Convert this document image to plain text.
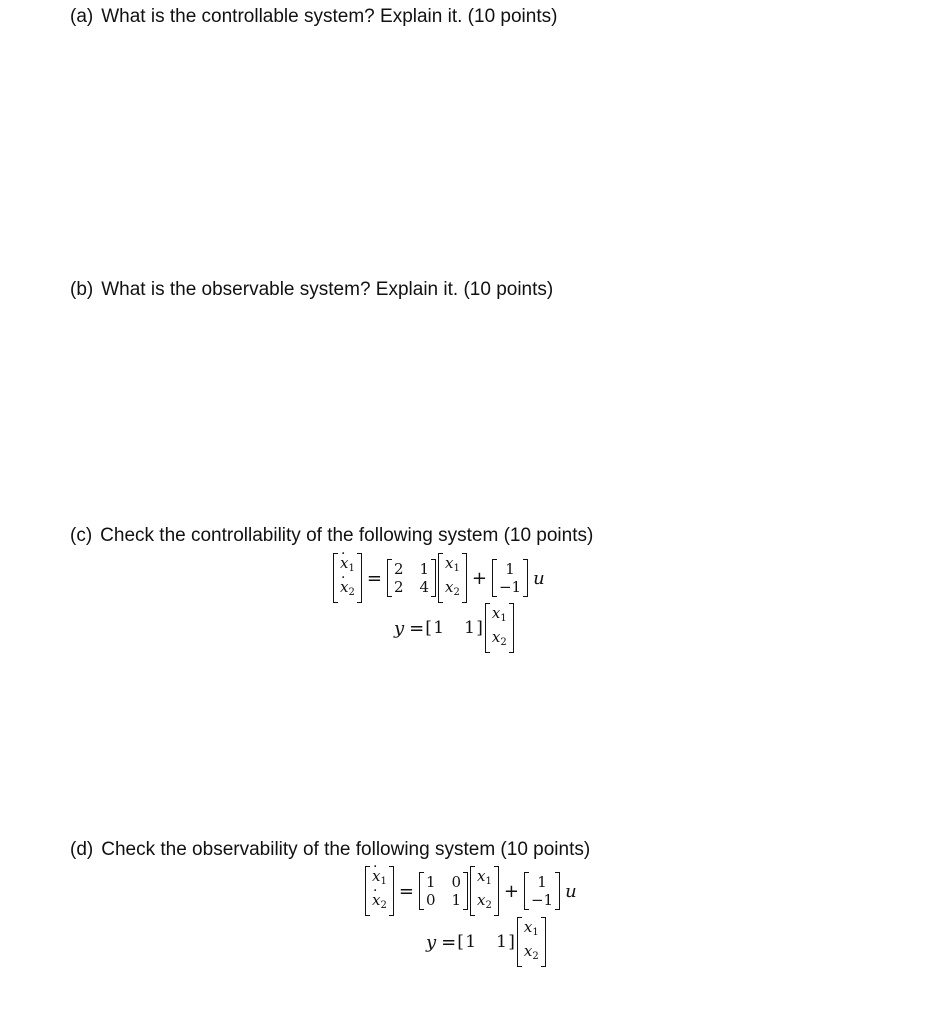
(a) What is the controllable system? Explain it. (10 points)
(b) What is the observable system? Explain it. (10 points)
(c) Check the controllability of the following system (10 points)
$x_1$ ·
$x_2$ ·
= 2 1
2 4
$x_1$
$x_2$
+	1
−1 u
y = [ 1 1
]
$x_1$
$x_2$
(d) Check the observability of the following system (10 points)
$x_1$ ·
$x_2$ ·
= 1 0
0 1
$x_1$
$x_2$
+	1
−1 u
y = [ 1 1
]
$x_1$
$x_2$
